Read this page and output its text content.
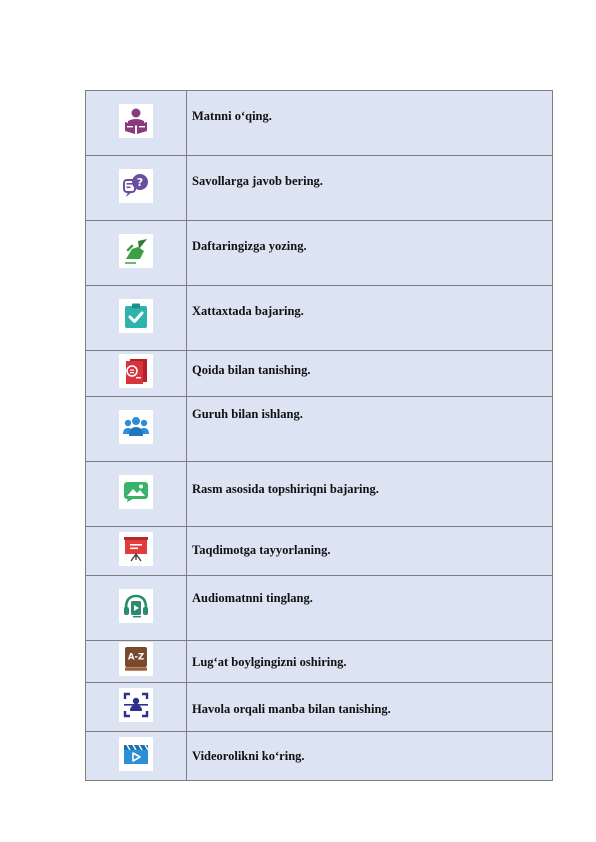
Matnni o‘qing.

?	Savollarga javob bering.

Daftaringizga yozing.

Xattaxtada bajaring.

Qoida bilan tanishing.

Guruh bilan ishlang.

Rasm asosida topshiriqni bajaring.

Taqdimotga tayyorlaning.

Audiomatnni tinglang.

A-Z	Lug‘at boylgingizni oshiring.

Havola orqali manba bilan tanishing.

Videorolikni ko‘ring.
